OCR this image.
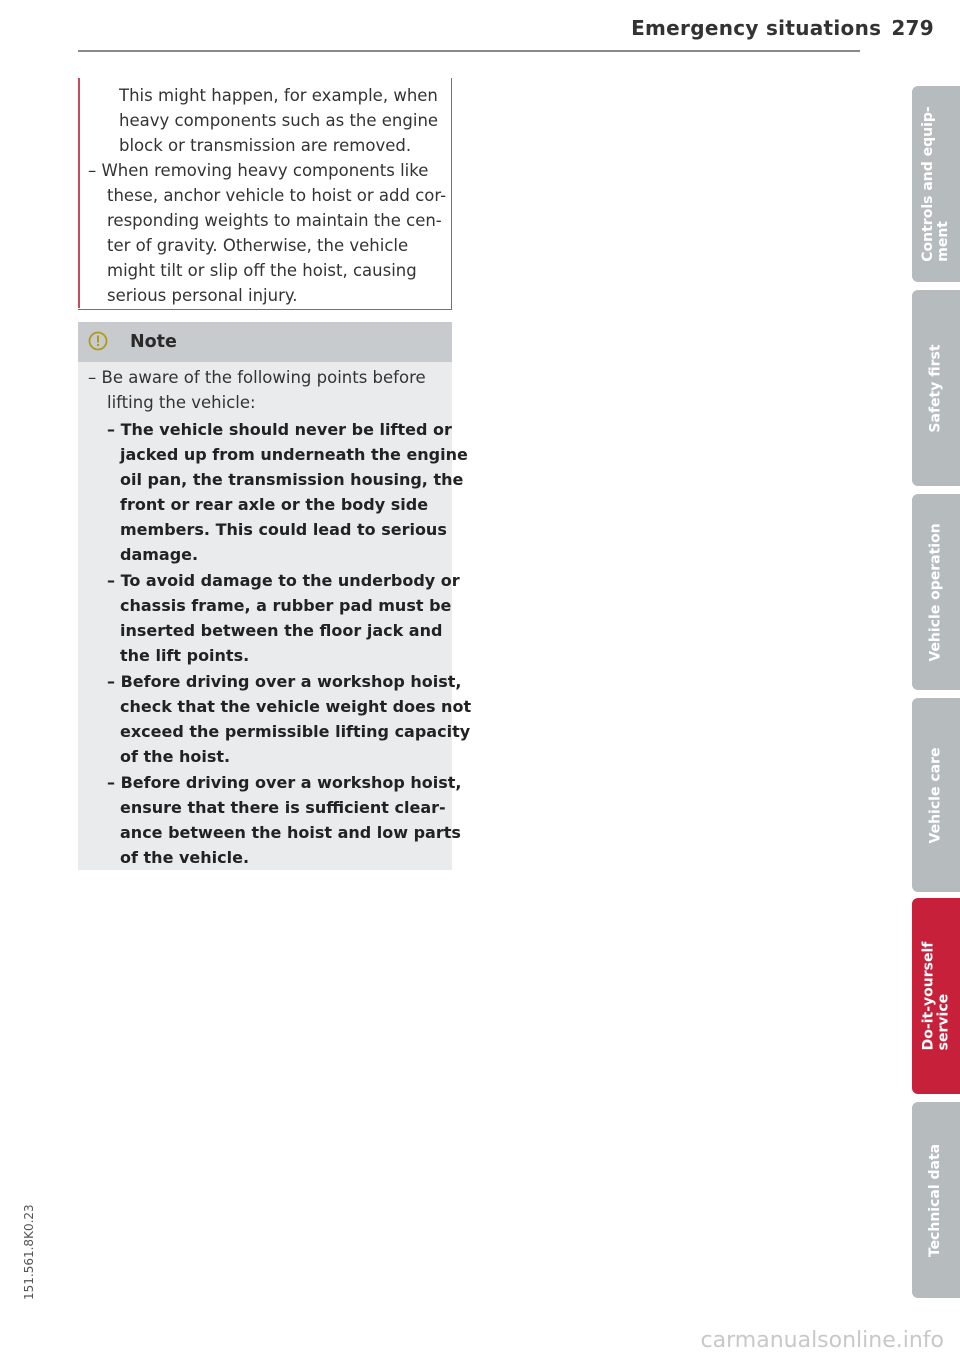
Emergency situations 279
This might happen, for example, when
heavy components such as the engine
block or transmission are removed.
– When removing heavy components like
these, anchor vehicle to hoist or add cor-
responding weights to maintain the cen-
ter of gravity. Otherwise, the vehicle
might tilt or slip off the hoist, causing
serious personal injury.
Note
– Be aware of the following points before
lifting the vehicle:
– The vehicle should never be lifted or
jacked up from underneath the engine
oil pan, the transmission housing, the
front or rear axle or the body side
members. This could lead to serious
damage.
– To avoid damage to the underbody or
chassis frame, a rubber pad must be
inserted between the floor jack and
the lift points.
– Before driving over a workshop hoist,
check that the vehicle weight does not
exceed the permissible lifting capacity
of the hoist.
– Before driving over a workshop hoist,
ensure that there is sufficient clear-
ance between the hoist and low parts
of the vehicle.
Controls and equip-
ment
Safety first
Vehicle operation
Vehicle care
Do-it-yourself
service
Technical data
151.561.8K0.23
carmanualsonline.info
